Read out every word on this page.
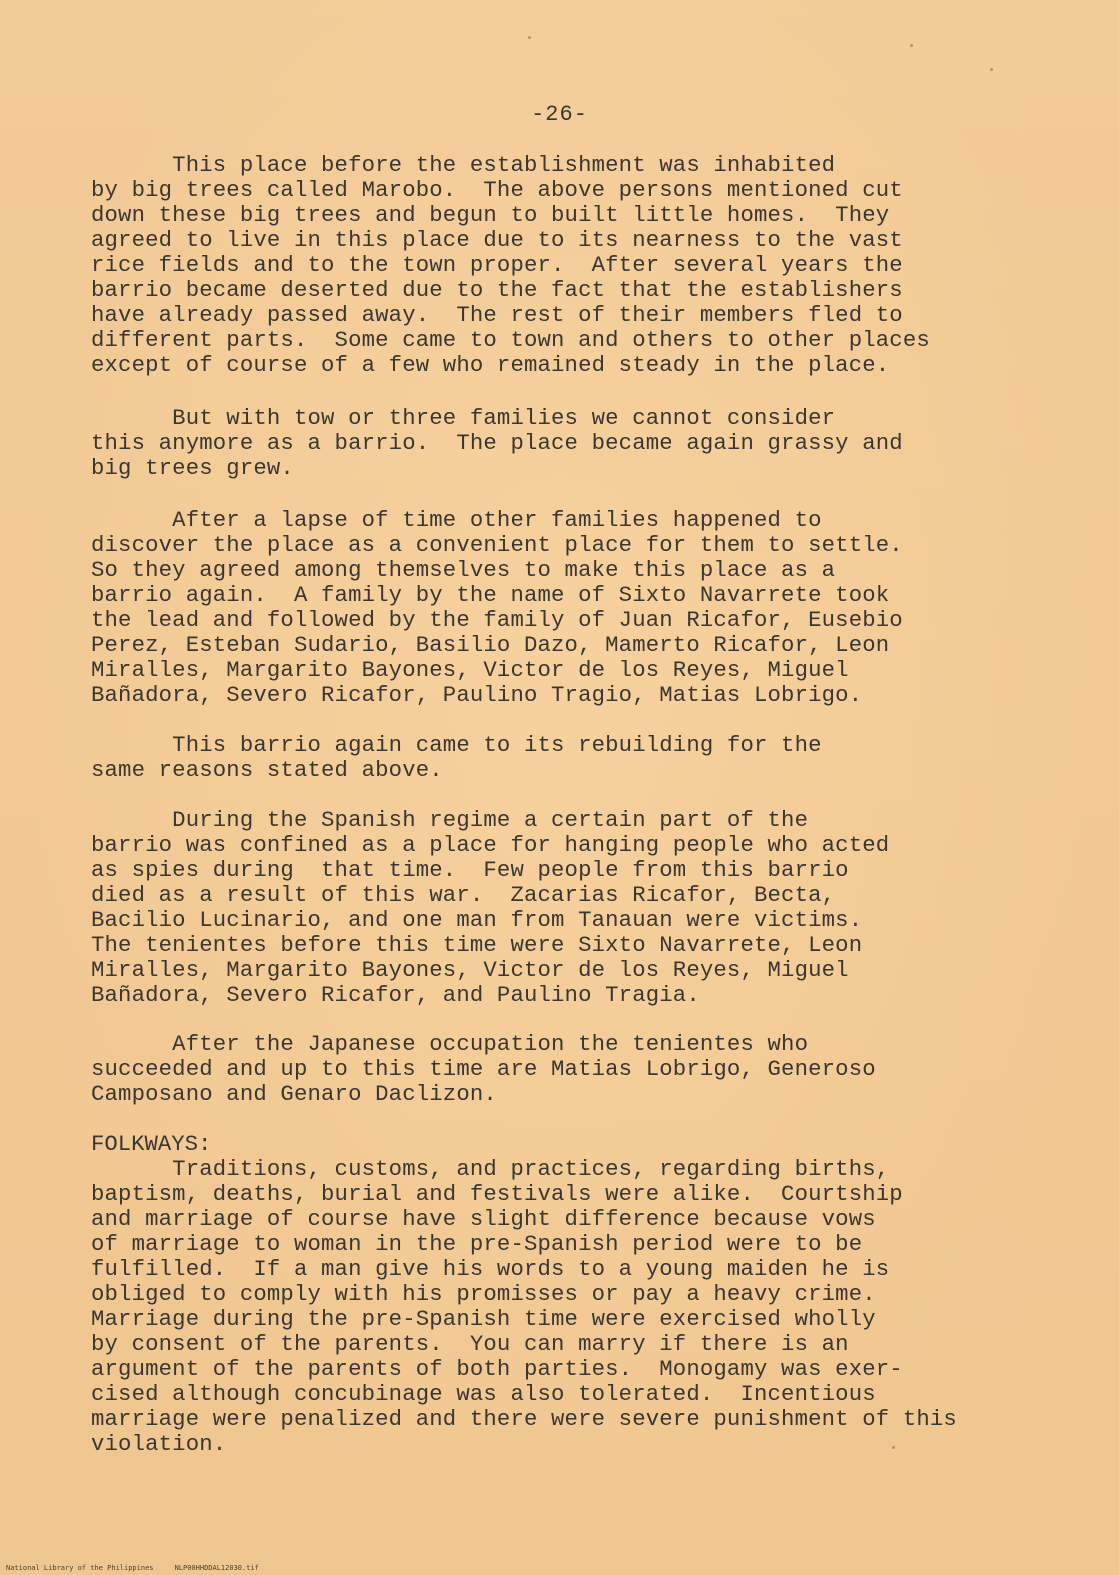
-26-

This place before the establishment was inhabited
by big trees called Marobo.  The above persons mentioned cut
down these big trees and begun to built little homes.  They
agreed to live in this place due to its nearness to the vast
rice fields and to the town proper.  After several years the
barrio became deserted due to the fact that the establishers
have already passed away.  The rest of their members fled to
different parts.  Some came to town and others to other places
except of course of a few who remained steady in the place.

But with tow or three families we cannot consider
this anymore as a barrio.  The place became again grassy and
big trees grew.

After a lapse of time other families happened to
discover the place as a convenient place for them to settle.
So they agreed among themselves to make this place as a
barrio again.  A family by the name of Sixto Navarrete took
the lead and followed by the family of Juan Ricafor, Eusebio
Perez, Esteban Sudario, Basilio Dazo, Mamerto Ricafor, Leon
Miralles, Margarito Bayones, Victor de los Reyes, Miguel
Bañadora, Severo Ricafor, Paulino Tragio, Matias Lobrigo.

This barrio again came to its rebuilding for the
same reasons stated above.

During the Spanish regime a certain part of the
barrio was confined as a place for hanging people who acted
as spies during  that time.  Few people from this barrio
died as a result of this war.  Zacarias Ricafor, Becta,
Bacilio Lucinario, and one man from Tanauan were victims.
The tenientes before this time were Sixto Navarrete, Leon
Miralles, Margarito Bayones, Victor de los Reyes, Miguel
Bañadora, Severo Ricafor, and Paulino Tragia.

After the Japanese occupation the tenientes who
succeeded and up to this time are Matias Lobrigo, Generoso
Camposano and Genaro Daclizon.

FOLKWAYS:

Traditions, customs, and practices, regarding births,
baptism, deaths, burial and festivals were alike.  Courtship
and marriage of course have slight difference because vows
of marriage to woman in the pre-Spanish period were to be
fulfilled.  If a man give his words to a young maiden he is
obliged to comply with his promisses or pay a heavy crime.
Marriage during the pre-Spanish time were exercised wholly
by consent of the parents.  You can marry if there is an
argument of the parents of both parties.  Monogamy was exer-
cised although concubinage was also tolerated.  Incentious
marriage were penalized and there were severe punishment of this
violation.

National Library of the Philippines     NLP00HHDDAL12030.tif
